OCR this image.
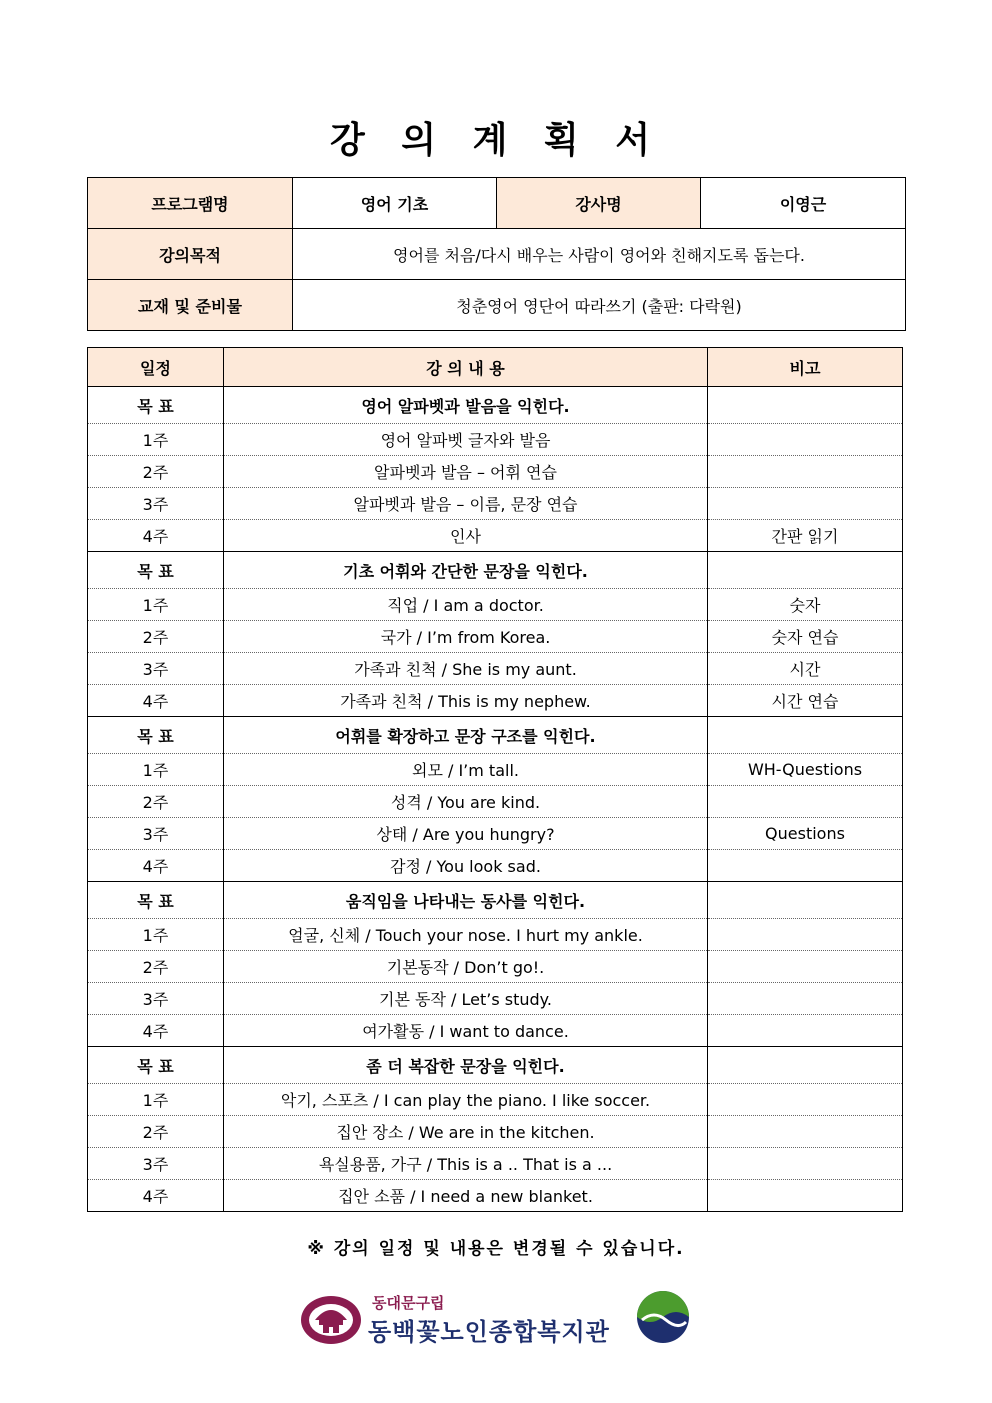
강 의 계 획 서
프로그램명	영어 기초	강사명	이영근
강의목적	영어를 처음/다시 배우는 사람이 영어와 친해지도록 돕는다.		
교재 및 준비물	청춘영어 영단어 따라쓰기 (출판: 다락원)		
일정	강 의 내 용	비고
목 표	영어 알파벳과 발음을 익힌다.	
1주	영어 알파벳 글자와 발음	
2주	알파벳과 발음 – 어휘 연습	
3주	알파벳과 발음 – 이름, 문장 연습	
4주	인사	간판 읽기
목 표	기초 어휘와 간단한 문장을 익힌다.	
1주	직업 / I am a doctor.	숫자
2주	국가 / I’m from Korea.	숫자 연습
3주	가족과 친척 / She is my aunt.	시간
4주	가족과 친척 / This is my nephew.	시간 연습
목 표	어휘를 확장하고 문장 구조를 익힌다.	
1주	외모 / I’m tall.	WH-Questions
2주	성격 / You are kind.	
3주	상태 / Are you hungry?	Questions
4주	감정 / You look sad.	
목 표	움직임을 나타내는 동사를 익힌다.	
1주	얼굴, 신체 / Touch your nose. I hurt my ankle.	
2주	기본동작 / Don’t go!.	
3주	기본 동작 / Let’s study.	
4주	여가활동 / I want to dance.	
목 표	좀 더 복잡한 문장을 익힌다.	
1주	악기, 스포츠 / I can play the piano. I like soccer.	
2주	집안 장소 / We are in the kitchen.	
3주	욕실용품, 가구 / This is a .. That is a ...	
4주	집안 소품 / I need a new blanket.	
※ 강의 일정 및 내용은 변경될 수 있습니다.
동대문구립
동백꽃노인종합복지관
